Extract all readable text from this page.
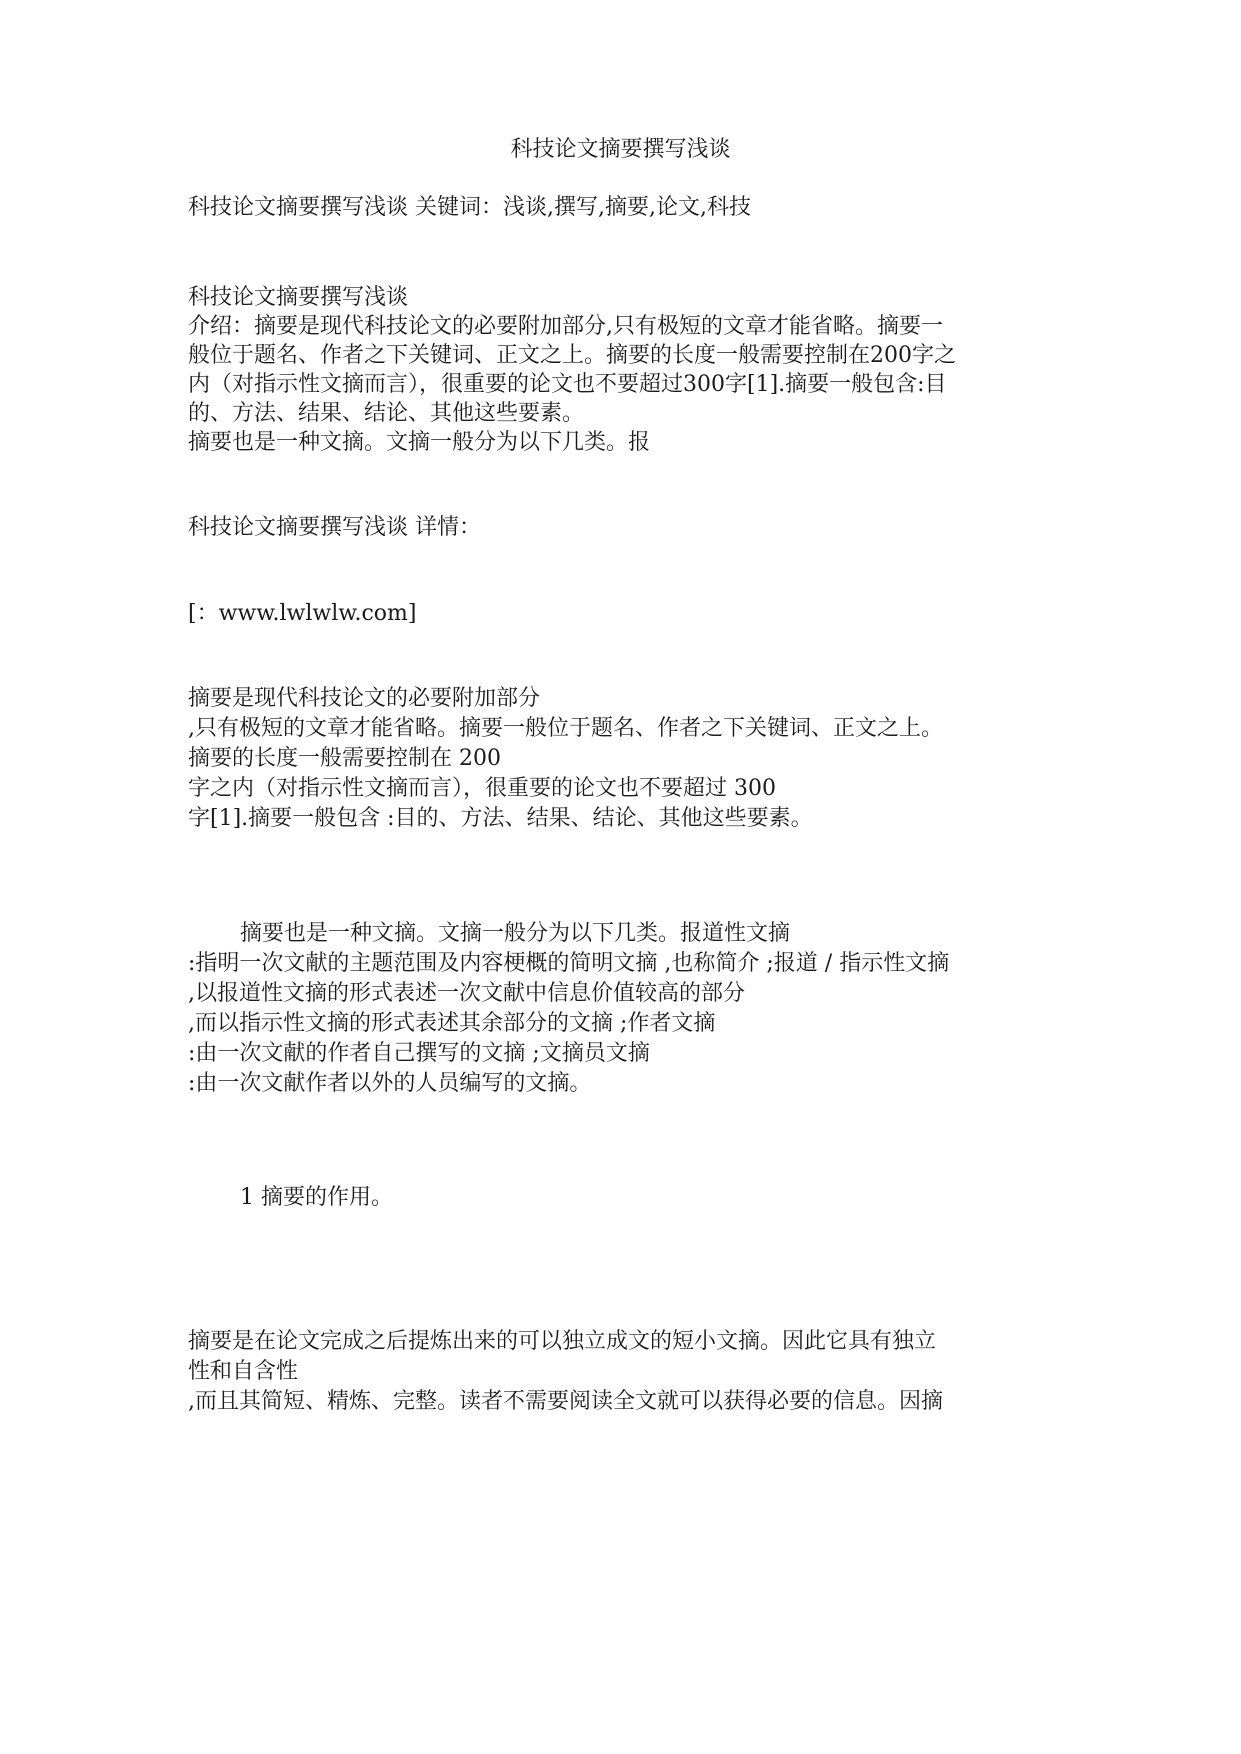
科技论文摘要撰写浅谈
科技论文摘要撰写浅谈 关键词：浅谈,撰写,摘要,论文,科技
科技论文摘要撰写浅谈
介绍：摘要是现代科技论文的必要附加部分,只有极短的文章才能省略。摘要一
般位于题名、作者之下关键词、正文之上。摘要的长度一般需要控制在200字之
内（对指示性文摘而言），很重要的论文也不要超过300字[1].摘要一般包含:目
的、方法、结果、结论、其他这些要素。
摘要也是一种文摘。文摘一般分为以下几类。报
科技论文摘要撰写浅谈 详情：
[：www.lwlwlw.com]
摘要是现代科技论文的必要附加部分
,只有极短的文章才能省略。摘要一般位于题名、作者之下关键词、正文之上。
摘要的长度一般需要控制在 200
字之内（对指示性文摘而言），很重要的论文也不要超过 300
字[1].摘要一般包含 :目的、方法、结果、结论、其他这些要素。
摘要也是一种文摘。文摘一般分为以下几类。报道性文摘
:指明一次文献的主题范围及内容梗概的简明文摘 ,也称简介 ;报道 / 指示性文摘
,以报道性文摘的形式表述一次文献中信息价值较高的部分
,而以指示性文摘的形式表述其余部分的文摘 ;作者文摘
:由一次文献的作者自己撰写的文摘 ;文摘员文摘
:由一次文献作者以外的人员编写的文摘。
1 摘要的作用。
摘要是在论文完成之后提炼出来的可以独立成文的短小文摘。因此它具有独立
性和自含性
,而且其简短、精炼、完整。读者不需要阅读全文就可以获得必要的信息。因摘
